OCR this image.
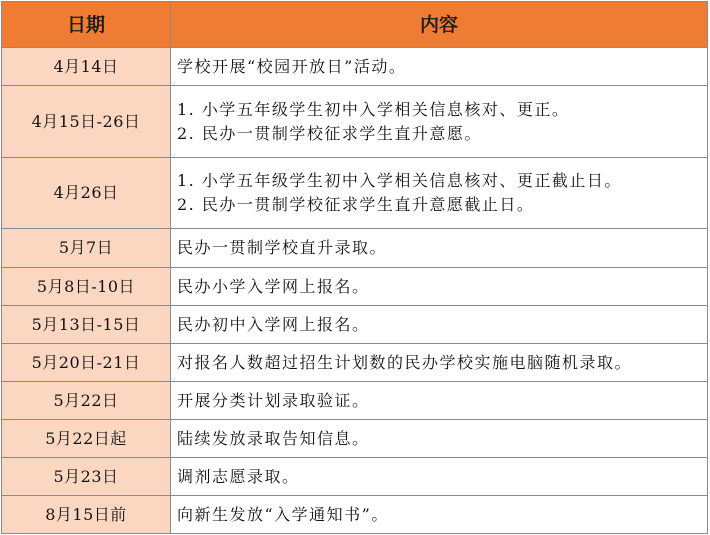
日期	内容
4月14日	学校开展“校园开放日”活动。

4月15日-26日	1. 小学五年级学生初中入学相关信息核对、更正。
2. 民办一贯制学校征求学生直升意愿。

4月26日	1. 小学五年级学生初中入学相关信息核对、更正截止日。
2. 民办一贯制学校征求学生直升意愿截止日。

5月7日	民办一贯制学校直升录取。

5月8日-10日	民办小学入学网上报名。

5月13日-15日	民办初中入学网上报名。

5月20日-21日	对报名人数超过招生计划数的民办学校实施电脑随机录取。

5月22日	开展分类计划录取验证。

5月22日起	陆续发放录取告知信息。

5月23日	调剂志愿录取。

8月15日前	向新生发放“入学通知书”。
